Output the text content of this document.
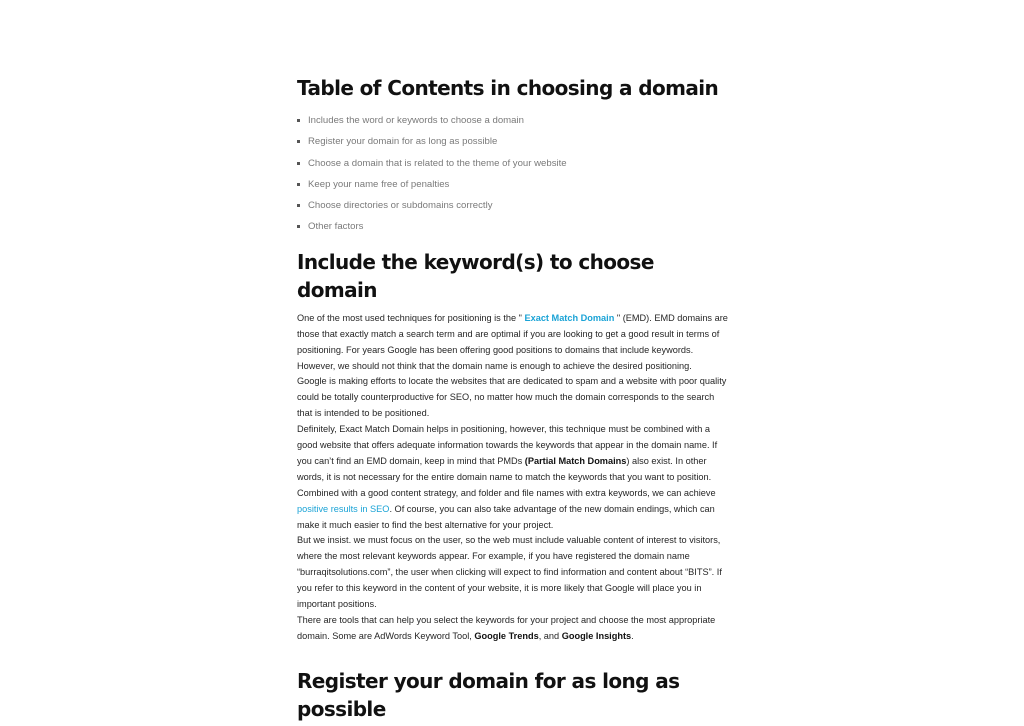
Table of Contents in choosing a domain
Includes the word or keywords to choose a domain
Register your domain for as long as possible
Choose a domain that is related to the theme of your website
Keep your name free of penalties
Choose directories or subdomains correctly
Other factors
Include the keyword(s) to choose domain

One of the most used techniques for positioning is the " Exact Match Domain " (EMD). EMD domains are those that exactly match a search term and are optimal if you are looking to get a good result in terms of positioning. For years Google has been offering good positions to domains that include keywords. However, we should not think that the domain name is enough to achieve the desired positioning.

Google is making efforts to locate the websites that are dedicated to spam and a website with poor quality could be totally counterproductive for SEO, no matter how much the domain corresponds to the search that is intended to be positioned.

Definitely, Exact Match Domain helps in positioning, however, this technique must be combined with a good website that offers adequate information towards the keywords that appear in the domain name. If you can’t find an EMD domain, keep in mind that PMDs (Partial Match Domains) also exist. In other words, it is not necessary for the entire domain name to match the keywords that you want to position. Combined with a good content strategy, and folder and file names with extra keywords, we can achieve positive results in SEO. Of course, you can also take advantage of the new domain endings, which can make it much easier to find the best alternative for your project.

But we insist. we must focus on the user, so the web must include valuable content of interest to visitors, where the most relevant keywords appear. For example, if you have registered the domain name “burraqitsolutions.com”, the user when clicking will expect to find information and content about “BITS”. If you refer to this keyword in the content of your website, it is more likely that Google will place you in important positions.

There are tools that can help you select the keywords for your project and choose the most appropriate domain. Some are AdWords Keyword Tool, Google Trends, and Google Insights.

Register your domain for as long as possible
